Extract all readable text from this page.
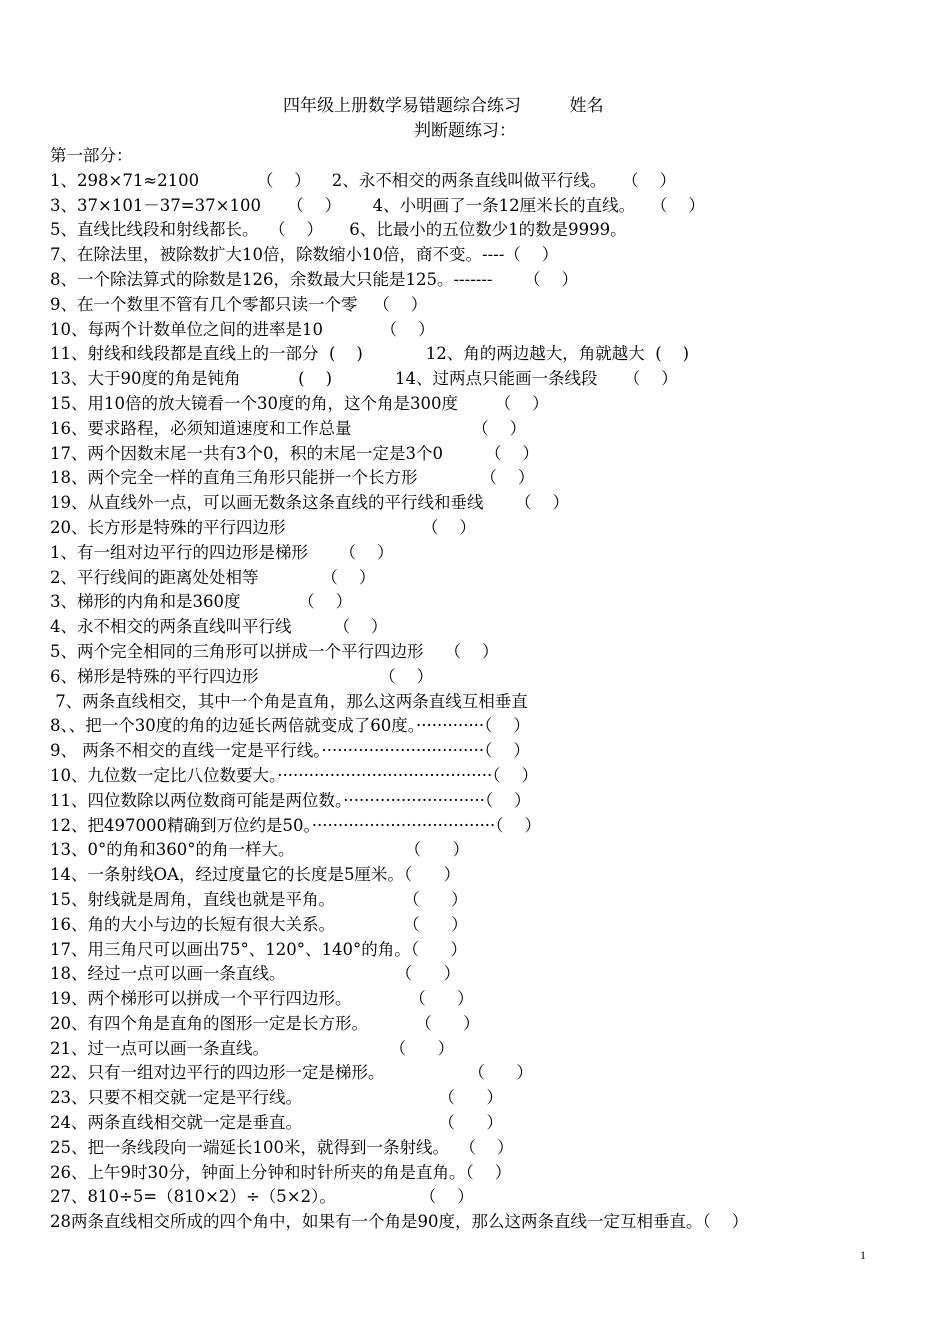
四年级上册数学易错题综合练习         姓名
判断题练习：
第一部分：
1、298×71≈2100           （    ）    2、永不相交的两条直线叫做平行线。   （    ）
3、37×101－37=37×100     （    ）      4、小明画了一条12厘米长的直线。   （    ）
5、直线比线段和射线都长。  （    ）     6、比最小的五位数少1的数是9999。
7、在除法里，被除数扩大10倍，除数缩小10倍，商不变。----（    ）
8、一个除法算式的除数是126，余数最大只能是125。-------      （    ）
9、在一个数里不管有几个零都只读一个零   （    ）
10、每两个计数单位之间的进率是10           （    ）
11、射线和线段都是直线上的一部分  (    )            12、角的两边越大，角就越大  (    )
13、大于90度的角是钝角           (    )            14、过两点只能画一条线段     （    ）
15、用10倍的放大镜看一个30度的角，这个角是300度       （    ）
16、要求路程，必须知道速度和工作总量                       （    ）
17、两个因数末尾一共有3个0，积的末尾一定是3个0        （    ）
18、两个完全一样的直角三角形只能拼一个长方形            （    ）
19、从直线外一点，可以画无数条这条直线的平行线和垂线      （    ）
20、长方形是特殊的平行四边形                          （    ）
1、有一组对边平行的四边形是梯形      （    ）
2、平行线间的距离处处相等            （    ）
3、梯形的内角和是360度           （    ）
4、永不相交的两条直线叫平行线        （    ）
5、两个完全相同的三角形可以拼成一个平行四边形    （    ）
6、梯形是特殊的平行四边形                       （    ）
7、两条直线相交，其中一个角是直角，那么这两条直线互相垂直
8、、把一个30度的角的边延长两倍就变成了60度。·············（    ）
9、 两条不相交的直线一定是平行线。·······························（    ）
10、九位数一定比八位数要大。·········································（    ）
11、四位数除以两位数商可能是两位数。···························（    ）
12、把497000精确到万位约是50。···································（    ）
13、0°的角和360°的角一样大。                     （      ）
14、一条射线OA，经过度量它的长度是5厘米。（      ）
15、射线就是周角，直线也就是平角。             （      ）
16、角的大小与边的长短有很大关系。             （      ）
17、用三角尺可以画出75°、120°、140°的角。（      ）
18、经过一点可以画一条直线。                     （      ）
19、两个梯形可以拼成一个平行四边形。           （      ）
20、有四个角是直角的图形一定是长方形。         （      ）
21、过一点可以画一条直线。                       （      ）
22、只有一组对边平行的四边形一定是梯形。                （      ）
23、只要不相交就一定是平行线。                          （      ）
24、两条直线相交就一定是垂直。                          （      ）
25、把一条线段向一端延长100米，就得到一条射线。  （    ）
26、上午9时30分，钟面上分钟和时针所夹的角是直角。（    ）
27、810÷5=（810×2）÷（5×2）。                （    ）
28两条直线相交所成的四个角中，如果有一个角是90度，那么这两条直线一定互相垂直。（    ）
1
